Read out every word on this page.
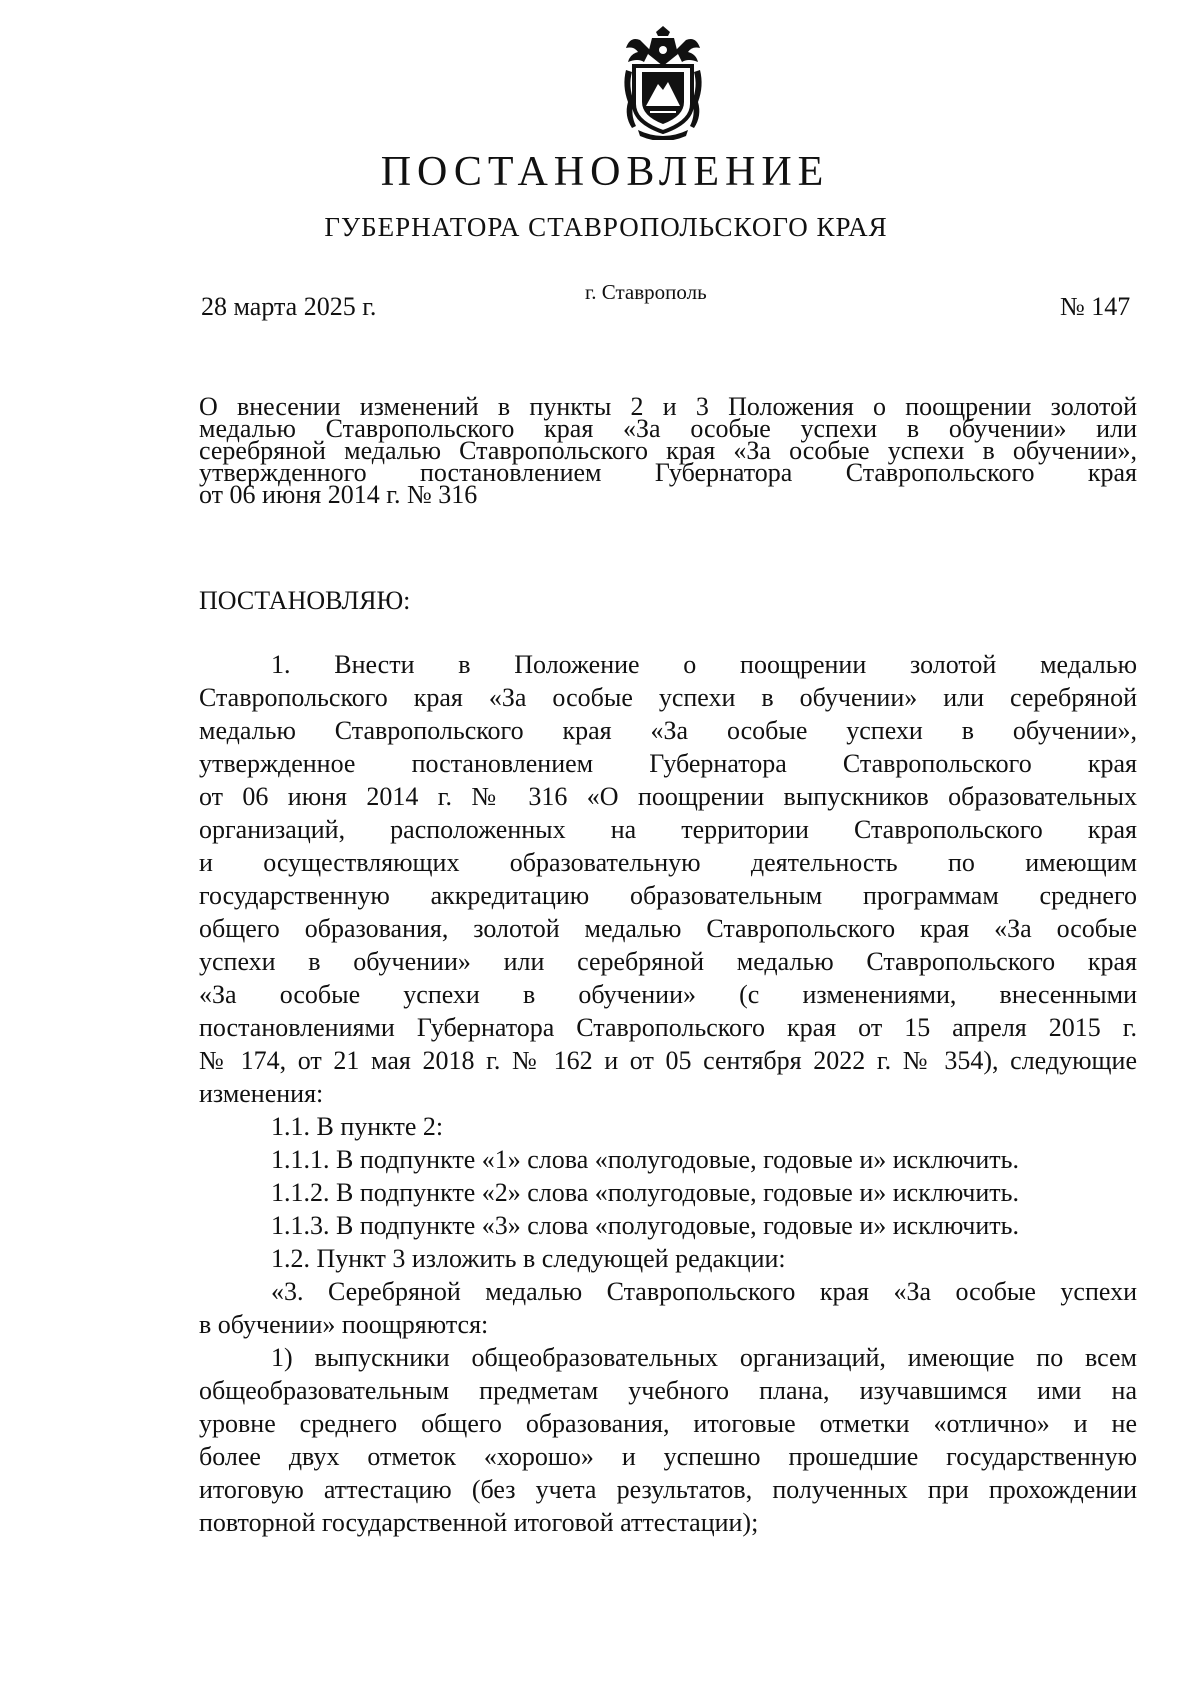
ПОСТАНОВЛЕНИЕ
ГУБЕРНАТОРА СТАВРОПОЛЬСКОГО КРАЯ
28 марта 2025 г.	г. Ставрополь	№ 147
О внесении изменений в пункты 2 и 3 Положения о поощрении золотой
медалью Ставропольского края «За особые успехи в обучении» или
серебряной медалью Ставропольского края «За особые успехи в обучении»,
утвержденного постановлением Губернатора Ставропольского края
от 06 июня 2014 г. № 316
ПОСТАНОВЛЯЮ:

1. Внести в Положение о поощрении золотой медалью
Ставропольского края «За особые успехи в обучении» или серебряной
медалью Ставропольского края «За особые успехи в обучении»,
утвержденное постановлением Губернатора Ставропольского края
от 06 июня 2014 г. № 316 «О поощрении выпускников образовательных
организаций, расположенных на территории Ставропольского края
и осуществляющих образовательную деятельность по имеющим
государственную аккредитацию образовательным программам среднего
общего образования, золотой медалью Ставропольского края «За особые
успехи в обучении» или серебряной медалью Ставропольского края
«За особые успехи в обучении» (с изменениями, внесенными
постановлениями Губернатора Ставропольского края от 15 апреля 2015 г.
№ 174, от 21 мая 2018 г. № 162 и от 05 сентября 2022 г. № 354), следующие
изменения:

1.1. В пункте 2:

1.1.1. В подпункте «1» слова «полугодовые, годовые и» исключить.

1.1.2. В подпункте «2» слова «полугодовые, годовые и» исключить.

1.1.3. В подпункте «3» слова «полугодовые, годовые и» исключить.

1.2. Пункт 3 изложить в следующей редакции:

«3. Серебряной медалью Ставропольского края «За особые успехи
в обучении» поощряются:

1) выпускники общеобразовательных организаций, имеющие по всем
общеобразовательным предметам учебного плана, изучавшимся ими на
уровне среднего общего образования, итоговые отметки «отлично» и не
более двух отметок «хорошо» и успешно прошедшие государственную
итоговую аттестацию (без учета результатов, полученных при прохождении
повторной государственной итоговой аттестации);
